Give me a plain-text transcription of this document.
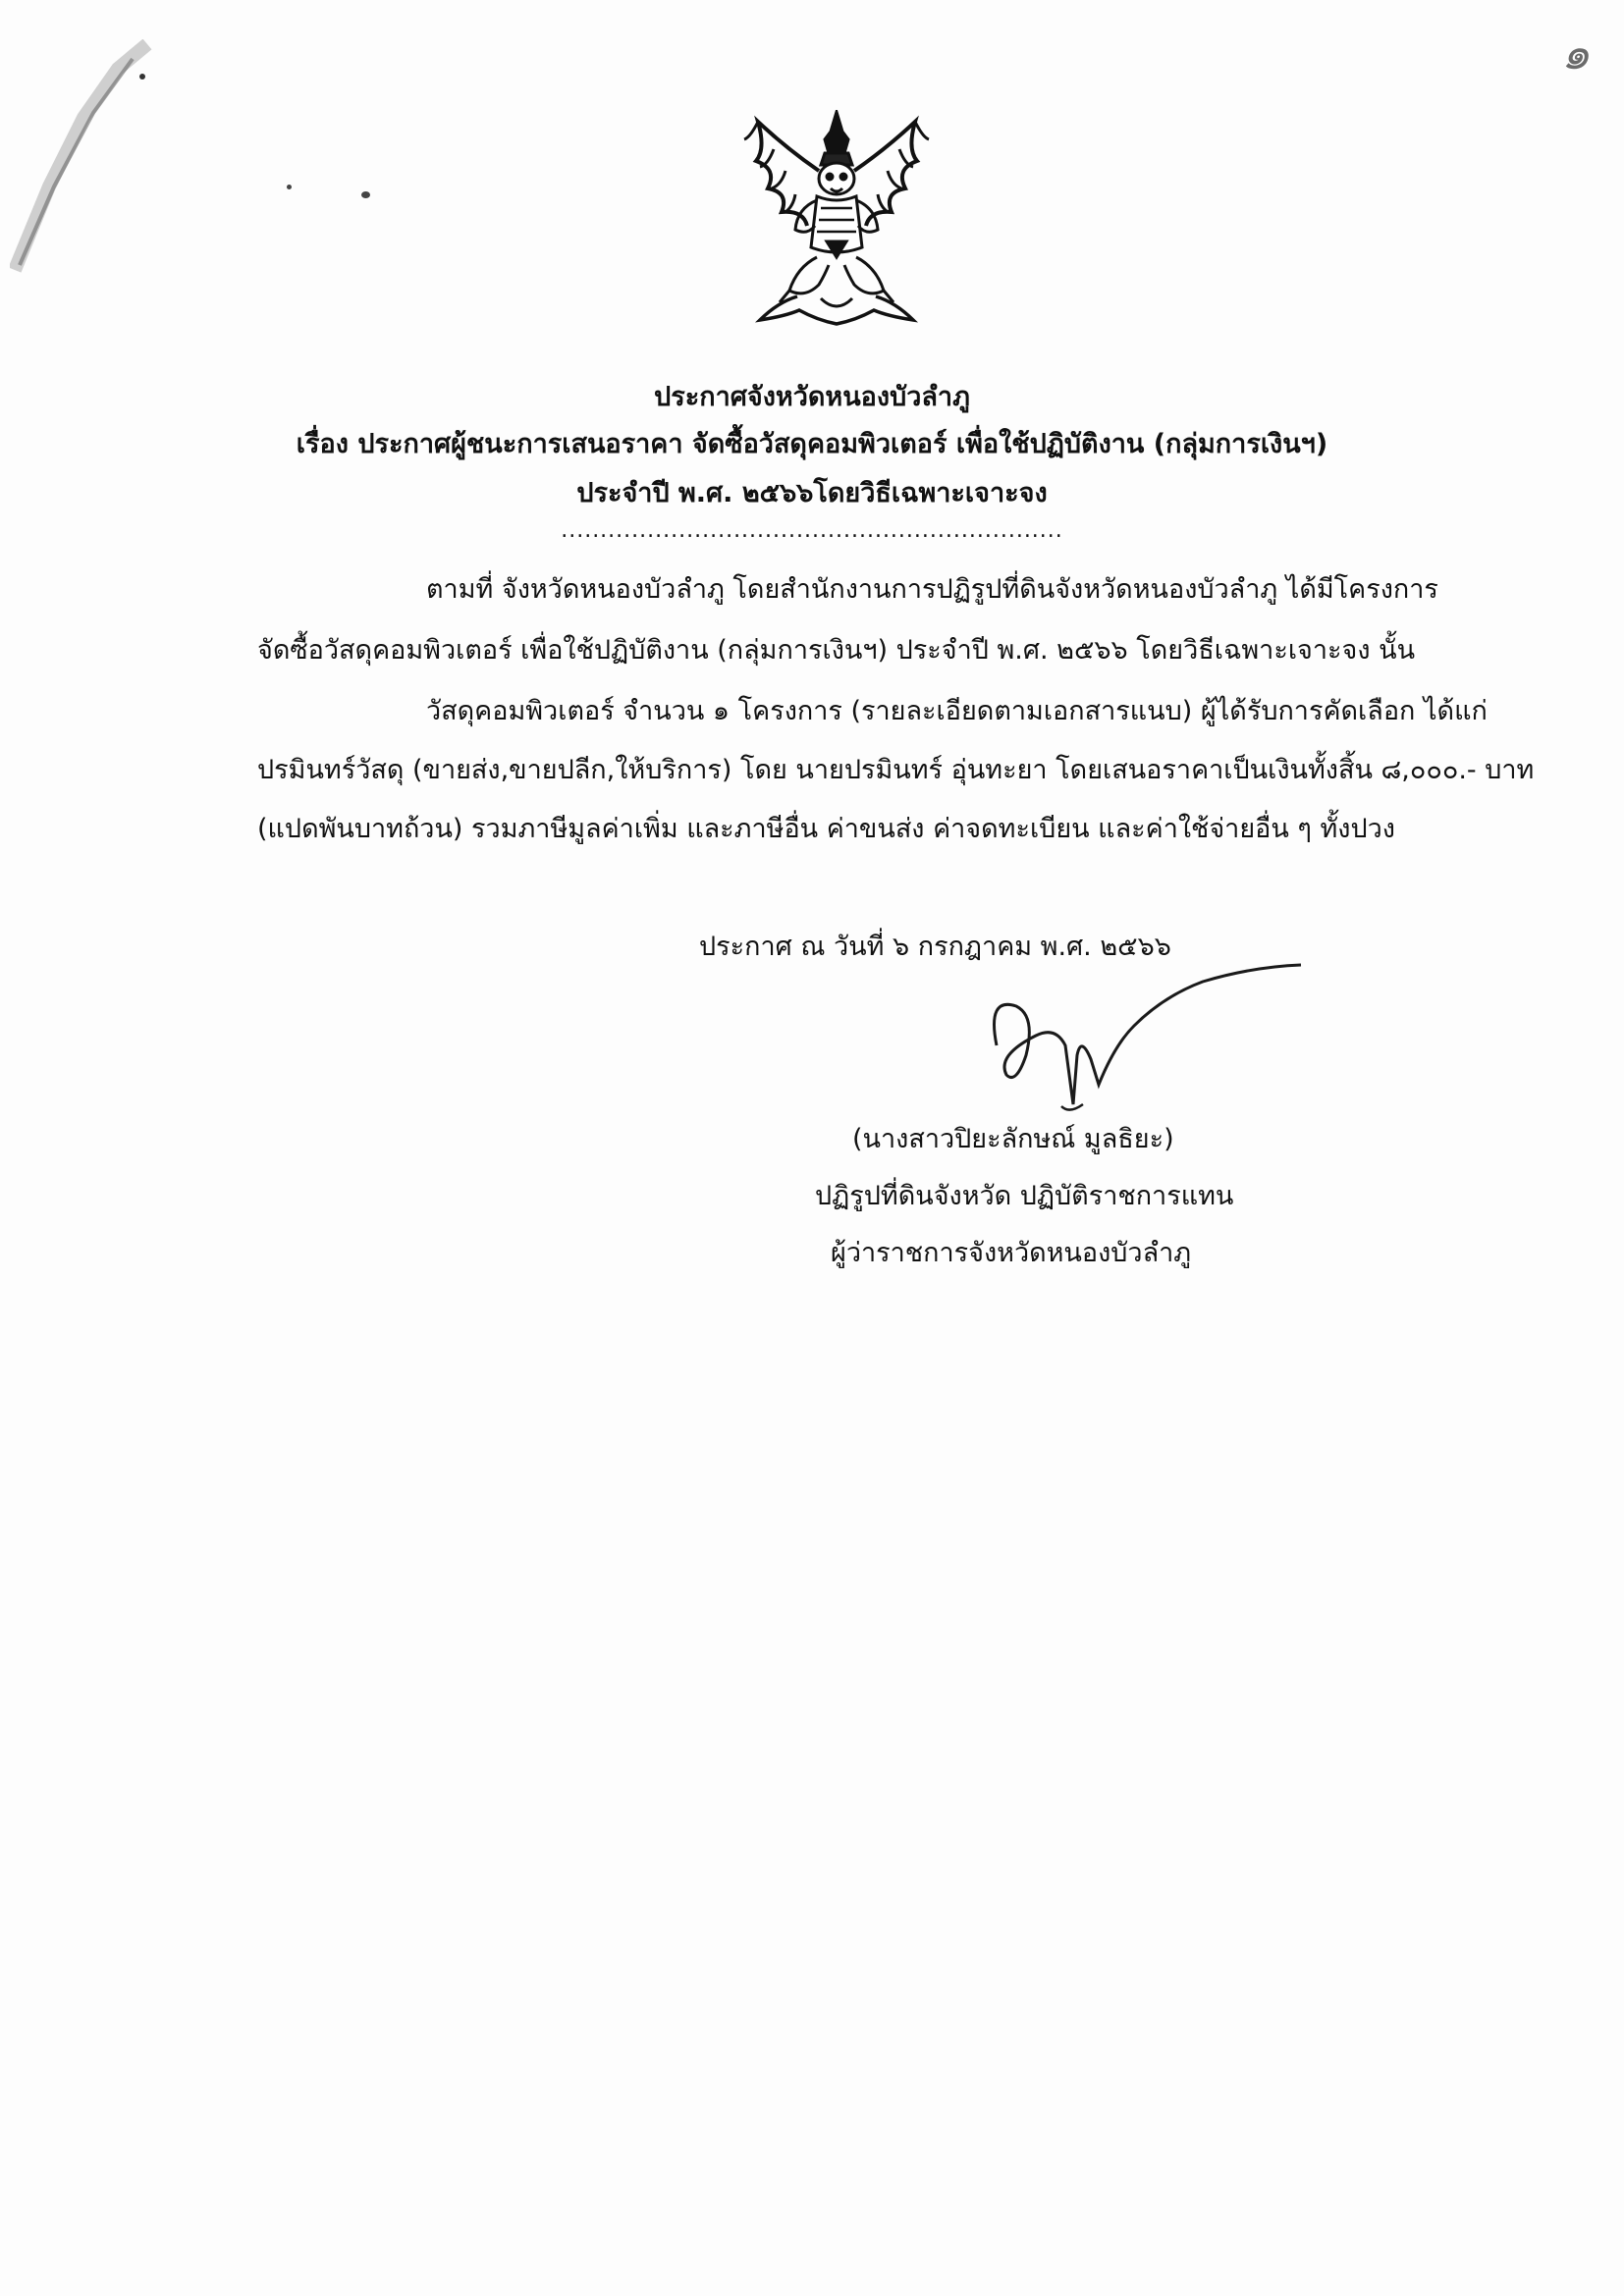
๑
ประกาศจังหวัดหนองบัวลำภู
เรื่อง ประกาศผู้ชนะการเสนอราคา จัดซื้อวัสดุคอมพิวเตอร์ เพื่อใช้ปฏิบัติงาน (กลุ่มการเงินฯ)
ประจำปี พ.ศ. ๒๕๖๖โดยวิธีเฉพาะเจาะจง
................................................................
ตามที่ จังหวัดหนองบัวลำภู โดยสำนักงานการปฏิรูปที่ดินจังหวัดหนองบัวลำภู ได้มีโครงการ
จัดซื้อวัสดุคอมพิวเตอร์ เพื่อใช้ปฏิบัติงาน (กลุ่มการเงินฯ) ประจำปี พ.ศ. ๒๕๖๖ โดยวิธีเฉพาะเจาะจง นั้น
วัสดุคอมพิวเตอร์ จำนวน ๑ โครงการ (รายละเอียดตามเอกสารแนบ) ผู้ได้รับการคัดเลือก ได้แก่
ปรมินทร์วัสดุ (ขายส่ง,ขายปลีก,ให้บริการ) โดย นายปรมินทร์ อุ่นทะยา โดยเสนอราคาเป็นเงินทั้งสิ้น ๘,๐๐๐.- บาท
(แปดพันบาทถ้วน) รวมภาษีมูลค่าเพิ่ม และภาษีอื่น ค่าขนส่ง ค่าจดทะเบียน และค่าใช้จ่ายอื่น ๆ ทั้งปวง
ประกาศ ณ วันที่ ๖ กรกฎาคม พ.ศ. ๒๕๖๖
(นางสาวปิยะลักษณ์ มูลธิยะ)
ปฏิรูปที่ดินจังหวัด ปฏิบัติราชการแทน
ผู้ว่าราชการจังหวัดหนองบัวลำภู
